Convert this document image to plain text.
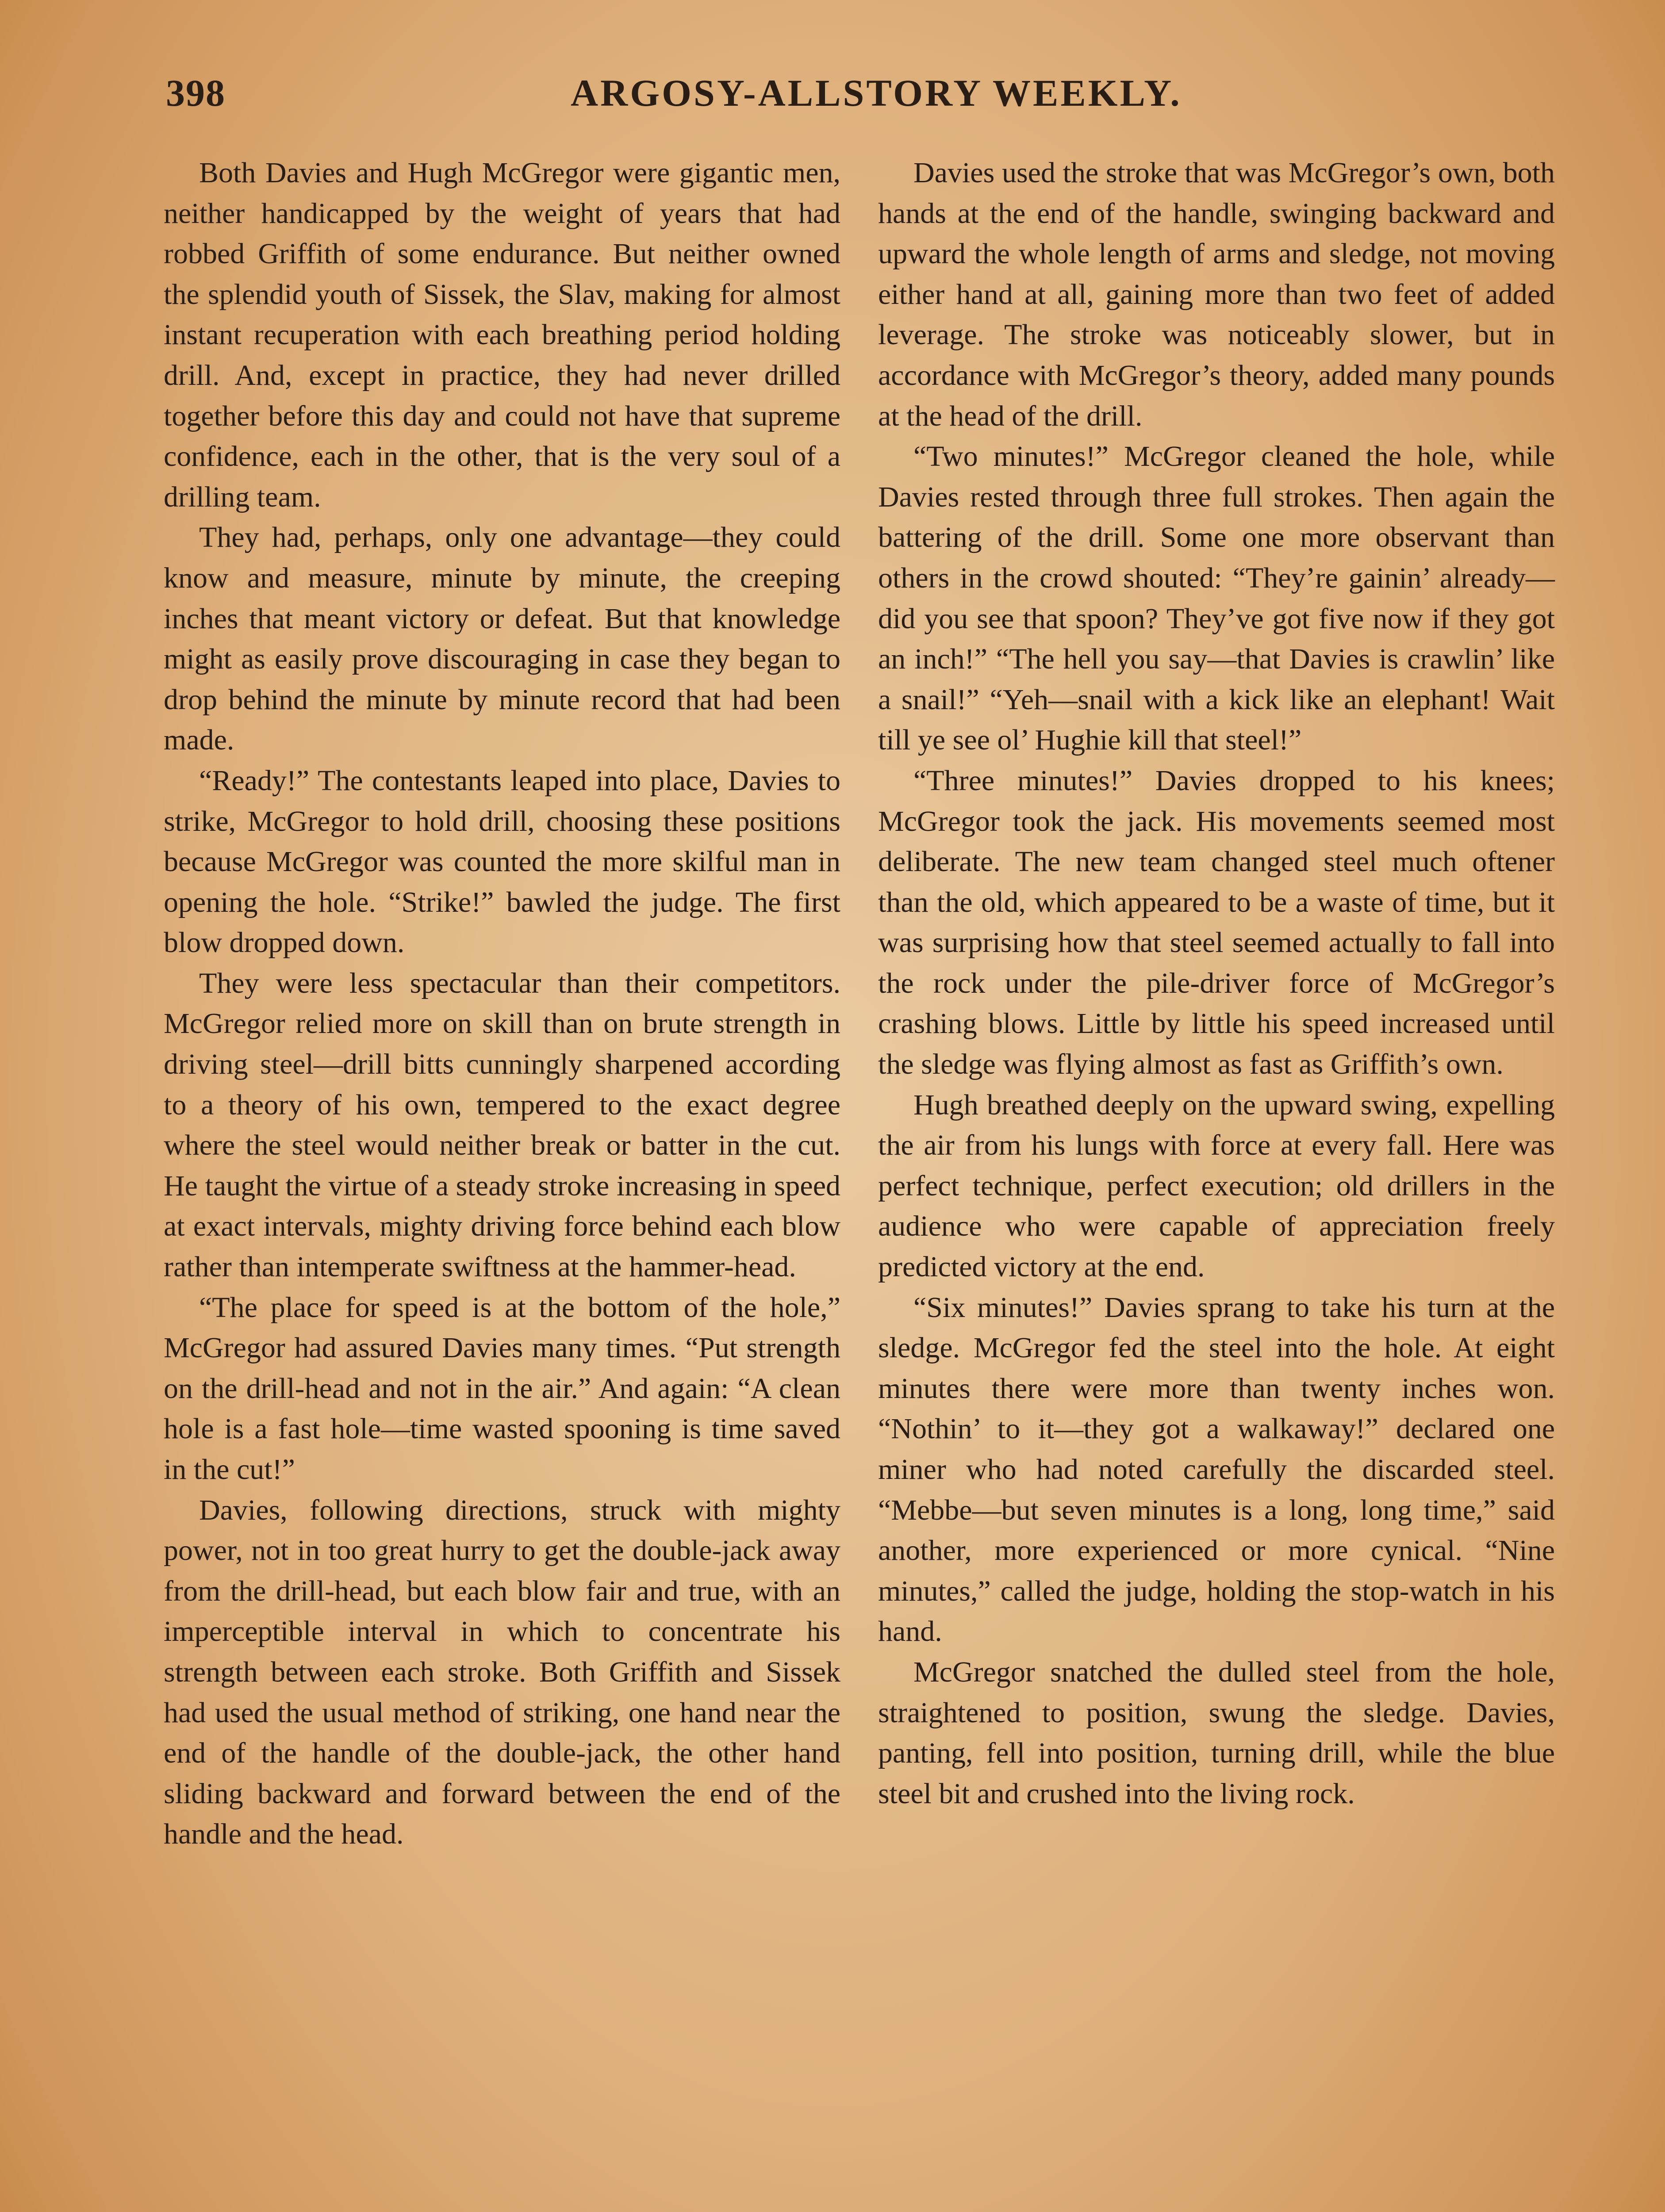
398	ARGOSY-ALLSTORY WEEKLY.

Both Davies and Hugh McGregor were gigantic men, neither handicapped by the weight of years that had robbed Griffith of some endurance. But neither owned the splendid youth of Sissek, the Slav, making for almost instant recuperation with each breathing period holding drill. And, except in practice, they had never drilled together before this day and could not have that supreme confidence, each in the other, that is the very soul of a drilling team.

They had, perhaps, only one advantage—they could know and measure, minute by minute, the creeping inches that meant victory or defeat. But that knowledge might as easily prove discouraging in case they began to drop behind the minute by minute record that had been made.

“Ready!” The contestants leaped into place, Davies to strike, McGregor to hold drill, choosing these positions because McGregor was counted the more skilful man in opening the hole. “Strike!” bawled the judge. The first blow dropped down.

They were less spectacular than their competitors. McGregor relied more on skill than on brute strength in driving steel—drill bitts cunningly sharpened according to a theory of his own, tempered to the exact degree where the steel would neither break or batter in the cut. He taught the virtue of a steady stroke increasing in speed at exact intervals, mighty driving force behind each blow rather than intemperate swiftness at the hammer-head.

“The place for speed is at the bottom of the hole,” McGregor had assured Davies many times. “Put strength on the drill-head and not in the air.” And again: “A clean hole is a fast hole—time wasted spooning is time saved in the cut!”

Davies, following directions, struck with mighty power, not in too great hurry to get the double-jack away from the drill-head, but each blow fair and true, with an imperceptible interval in which to concentrate his strength between each stroke. Both Griffith and Sissek had used the usual method of striking, one hand near the end of the handle of the double-jack, the other hand sliding backward and forward between the end of the handle and the head.

Davies used the stroke that was McGregor’s own, both hands at the end of the handle, swinging backward and upward the whole length of arms and sledge, not moving either hand at all, gaining more than two feet of added leverage. The stroke was noticeably slower, but in accordance with McGregor’s theory, added many pounds at the head of the drill.

“Two minutes!” McGregor cleaned the hole, while Davies rested through three full strokes. Then again the battering of the drill. Some one more observant than others in the crowd shouted: “They’re gainin’ already—did you see that spoon? They’ve got five now if they got an inch!” “The hell you say—that Davies is crawlin’ like a snail!” “Yeh—snail with a kick like an elephant! Wait till ye see ol’ Hughie kill that steel!”

“Three minutes!” Davies dropped to his knees; McGregor took the jack. His movements seemed most deliberate. The new team changed steel much oftener than the old, which appeared to be a waste of time, but it was surprising how that steel seemed actually to fall into the rock under the pile-driver force of McGregor’s crashing blows. Little by little his speed increased until the sledge was flying almost as fast as Griffith’s own.

Hugh breathed deeply on the upward swing, expelling the air from his lungs with force at every fall. Here was perfect technique, perfect execution; old drillers in the audience who were capable of appreciation freely predicted victory at the end.

“Six minutes!” Davies sprang to take his turn at the sledge. McGregor fed the steel into the hole. At eight minutes there were more than twenty inches won. “Nothin’ to it—they got a walkaway!” declared one miner who had noted carefully the discarded steel. “Mebbe—but seven minutes is a long, long time,” said another, more experienced or more cynical. “Nine minutes,” called the judge, holding the stop-watch in his hand.

McGregor snatched the dulled steel from the hole, straightened to position, swung the sledge. Davies, panting, fell into position, turning drill, while the blue steel bit and crushed into the living rock.
